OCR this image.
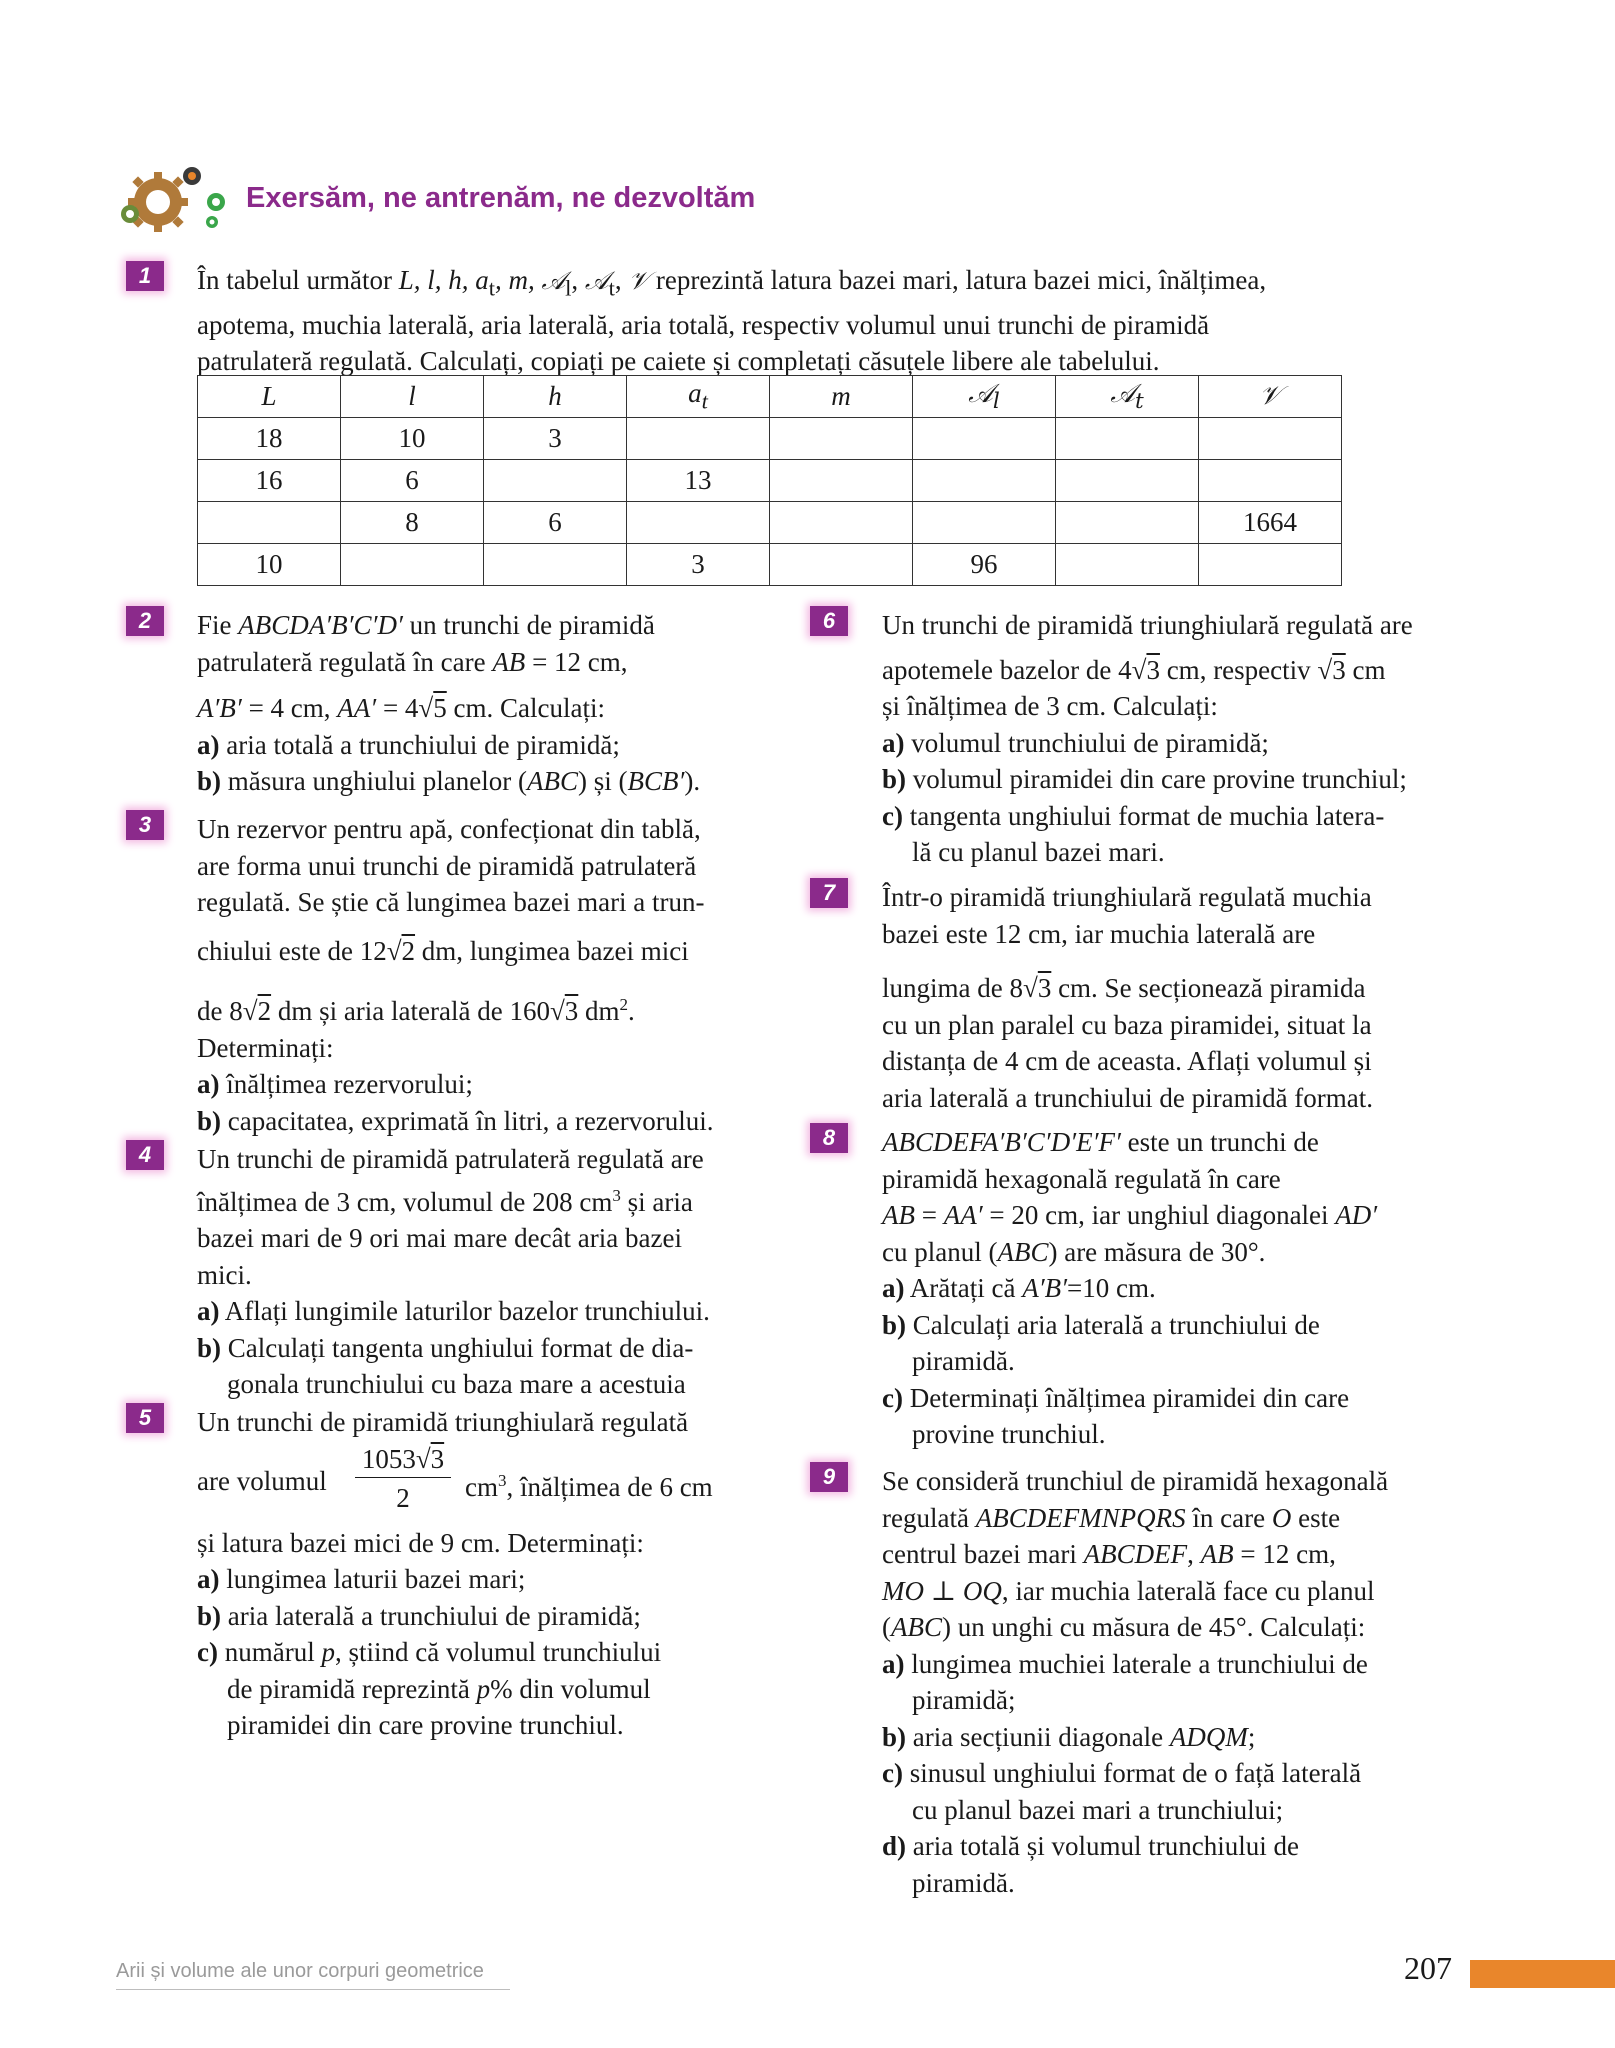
Exersăm, ne antrenăm, ne dezvoltăm
1	În tabelul următor L, l, h, $a_t$, m, 𝒜$_l$, 𝒜$_t$, 𝒱 reprezintă latura bazei mari, latura bazei mici, înălțimea,
apotema, muchia laterală, aria laterală, aria totală, respectiv volumul unui trunchi de piramidă
patrulateră regulată. Calculați, copiați pe caiete și completați căsuțele libere ale tabelului.
L	l	h	$a_t$	m	𝒜$_l$	𝒜$_t$	𝒱
18	10	3					
16	6		13				
	8	6					1664
10			3		96		
2	Fie ABCDA′B′C′D′ un trunchi de piramidă
patrulateră regulată în care AB = 12 cm,
A′B′ = 4 cm, AA′ = 4√5 cm. Calculați:
a) aria totală a trunchiului de piramidă;
b) măsura unghiului planelor (ABC) și (BCB′).
3	Un rezervor pentru apă, confecționat din tablă,
are forma unui trunchi de piramidă patrulateră
regulată. Se știe că lungimea bazei mari a trun-
chiului este de 12√2 dm, lungimea bazei mici
de 8√2 dm și aria laterală de 160√3 $dm^2$.
Determinați:
a) înălțimea rezervorului;
b) capacitatea, exprimată în litri, a rezervorului.
4	Un trunchi de piramidă patrulateră regulată are
înălțimea de 3 cm, volumul de 208 $cm^3$ și aria
bazei mari de 9 ori mai mare decât aria bazei
mici.
a) Aflați lungimile laturilor bazelor trunchiului.
b) Calculați tangenta unghiului format de dia-
gonala trunchiului cu baza mare a acestuia
5	Un trunchi de piramidă triunghiulară regulată
are volumul
1053√3
2	$cm^3$, înălțimea de 6 cm
și latura bazei mici de 9 cm. Determinați:
a) lungimea laturii bazei mari;
b) aria laterală a trunchiului de piramidă;
c) numărul p, știind că volumul trunchiului
de piramidă reprezintă p% din volumul
piramidei din care provine trunchiul.
6	Un trunchi de piramidă triunghiulară regulată are
apotemele bazelor de 4√3 cm, respectiv √3 cm
și înălțimea de 3 cm. Calculați:
a) volumul trunchiului de piramidă;
b) volumul piramidei din care provine trunchiul;
c) tangenta unghiului format de muchia latera-
lă cu planul bazei mari.
7	Într-o piramidă triunghiulară regulată muchia
bazei este 12 cm, iar muchia laterală are
lungima de 8√3 cm. Se secționează piramida
cu un plan paralel cu baza piramidei, situat la
distanța de 4 cm de aceasta. Aflați volumul și
aria laterală a trunchiului de piramidă format.
8	ABCDEFA′B′C′D′E′F′ este un trunchi de
piramidă hexagonală regulată în care
AB = AA′ = 20 cm, iar unghiul diagonalei AD′
cu planul (ABC) are măsura de 30°.
a) Arătați că A′B′=10 cm.
b) Calculați aria laterală a trunchiului de
piramidă.
c) Determinați înălțimea piramidei din care
provine trunchiul.
9	Se consideră trunchiul de piramidă hexagonală
regulată ABCDEFMNPQRS în care O este
centrul bazei mari ABCDEF, AB = 12 cm,
MO ⊥ OQ, iar muchia laterală face cu planul
(ABC) un unghi cu măsura de 45°. Calculați:
a) lungimea muchiei laterale a trunchiului de
piramidă;
b) aria secțiunii diagonale ADQM;
c) sinusul unghiului format de o față laterală
cu planul bazei mari a trunchiului;
d) aria totală și volumul trunchiului de
piramidă.
Arii și volume ale unor corpuri geometrice	207
